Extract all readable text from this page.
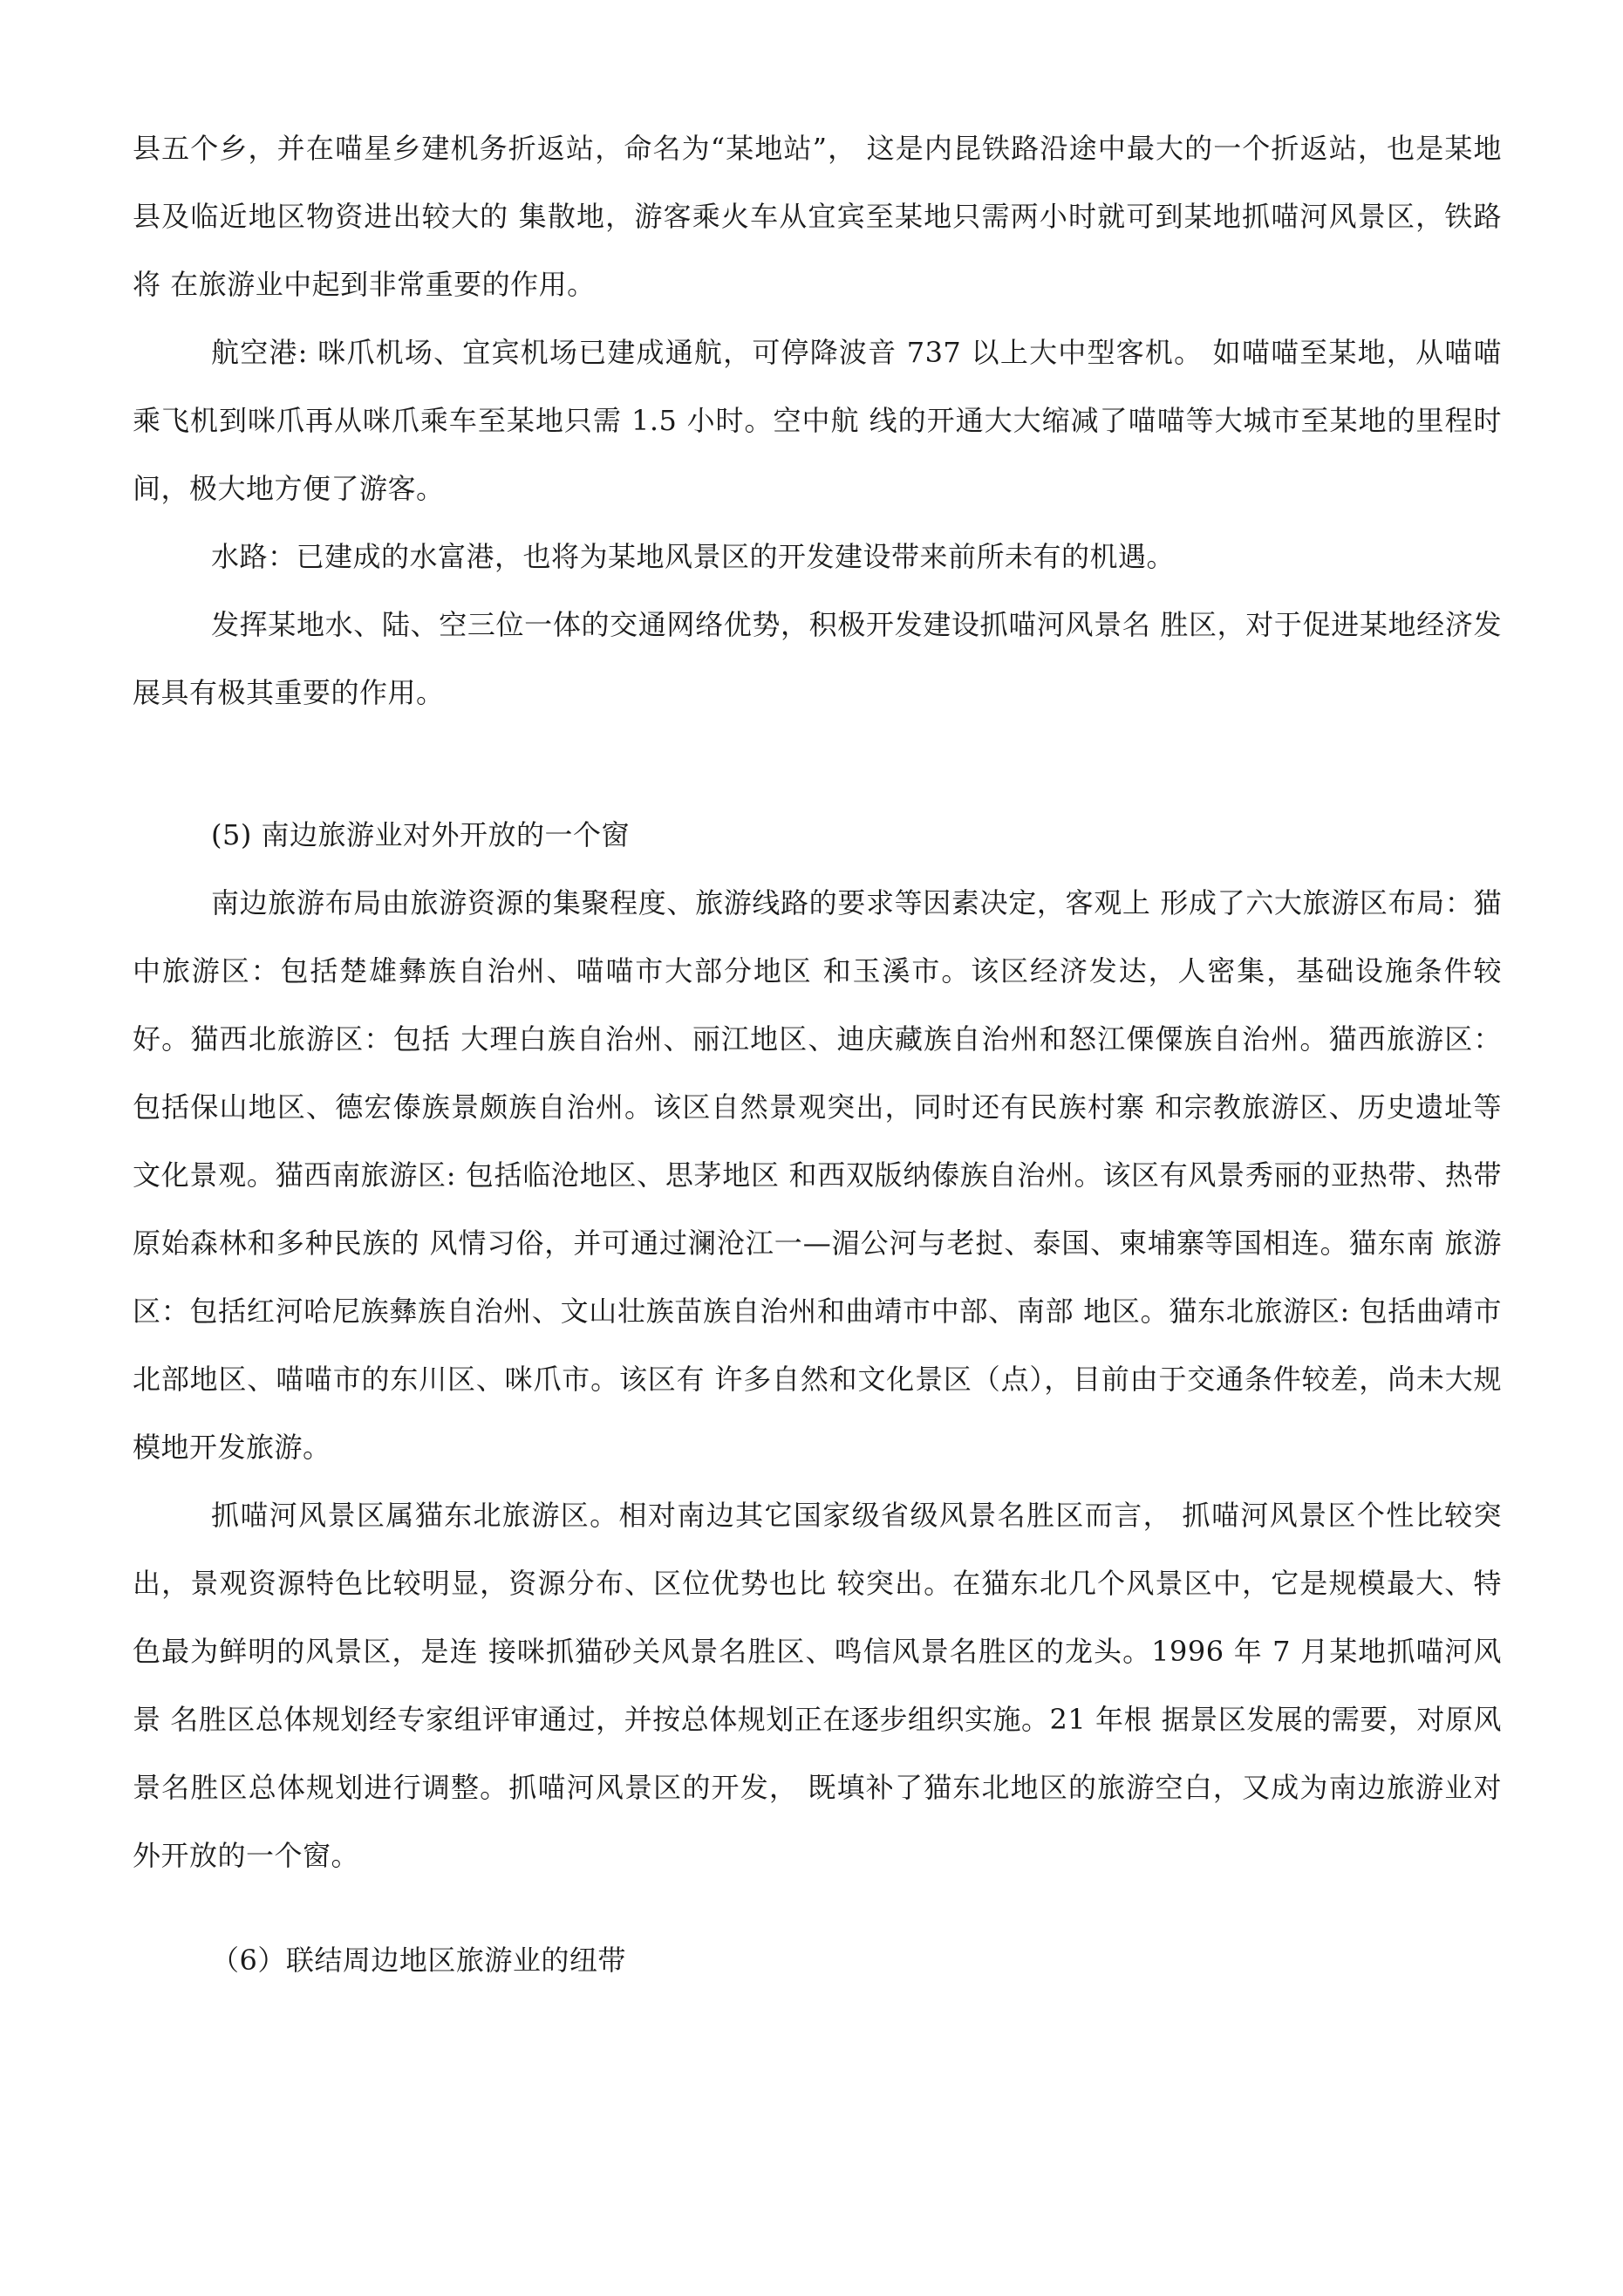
县五个乡，并在喵星乡建机务折返站，命名为“某地站”， 这是内昆铁路沿途中最大的一个折返站，也是某地县及临近地区物资进出较大的 集散地，游客乘火车从宜宾至某地只需两小时就可到某地抓喵河风景区，铁路将 在旅游业中起到非常重要的作用。

航空港: 咪爪机场、宜宾机场已建成通航，可停降波音 737 以上大中型客机。 如喵喵至某地，从喵喵乘飞机到咪爪再从咪爪乘车至某地只需 1.5 小时。空中航 线的开通大大缩减了喵喵等大城市至某地的里程时间，极大地方便了游客。

水路：已建成的水富港，也将为某地风景区的开发建设带来前所未有的机遇。

发挥某地水、陆、空三位一体的交通网络优势，积极开发建设抓喵河风景名 胜区，对于促进某地经济发展具有极其重要的作用。

(5) 南边旅游业对外开放的一个窗

南边旅游布局由旅游资源的集聚程度、旅游线路的要求等因素决定，客观上 形成了六大旅游区布局：猫中旅游区：包括楚雄彝族自治州、喵喵市大部分地区 和玉溪市。该区经济发达，人密集，基础设施条件较好。猫西北旅游区：包括 大理白族自治州、丽江地区、迪庆藏族自治州和怒江傈僳族自治州。猫西旅游区： 包括保山地区、德宏傣族景颇族自治州。该区自然景观突出，同时还有民族村寨 和宗教旅游区、历史遗址等文化景观。猫西南旅游区: 包括临沧地区、思茅地区 和西双版纳傣族自治州。该区有风景秀丽的亚热带、热带原始森林和多种民族的 风情习俗，并可通过澜沧江一—湄公河与老挝、泰国、柬埔寨等国相连。猫东南 旅游区：包括红河哈尼族彝族自治州、文山壮族苗族自治州和曲靖市中部、南部 地区。猫东北旅游区: 包括曲靖市北部地区、喵喵市的东川区、咪爪市。该区有 许多自然和文化景区（点），目前由于交通条件较差，尚未大规模地开发旅游。

抓喵河风景区属猫东北旅游区。相对南边其它国家级省级风景名胜区而言， 抓喵河风景区个性比较突出，景观资源特色比较明显，资源分布、区位优势也比 较突出。在猫东北几个风景区中，它是规模最大、特色最为鲜明的风景区，是连 接咪抓猫砂关风景名胜区、鸣信风景名胜区的龙头。1996 年 7 月某地抓喵河风景 名胜区总体规划经专家组评审通过，并按总体规划正在逐步组织实施。21 年根 据景区发展的需要，对原风景名胜区总体规划进行调整。抓喵河风景区的开发， 既填补了猫东北地区的旅游空白，又成为南边旅游业对外开放的一个窗。

（6）联结周边地区旅游业的纽带
